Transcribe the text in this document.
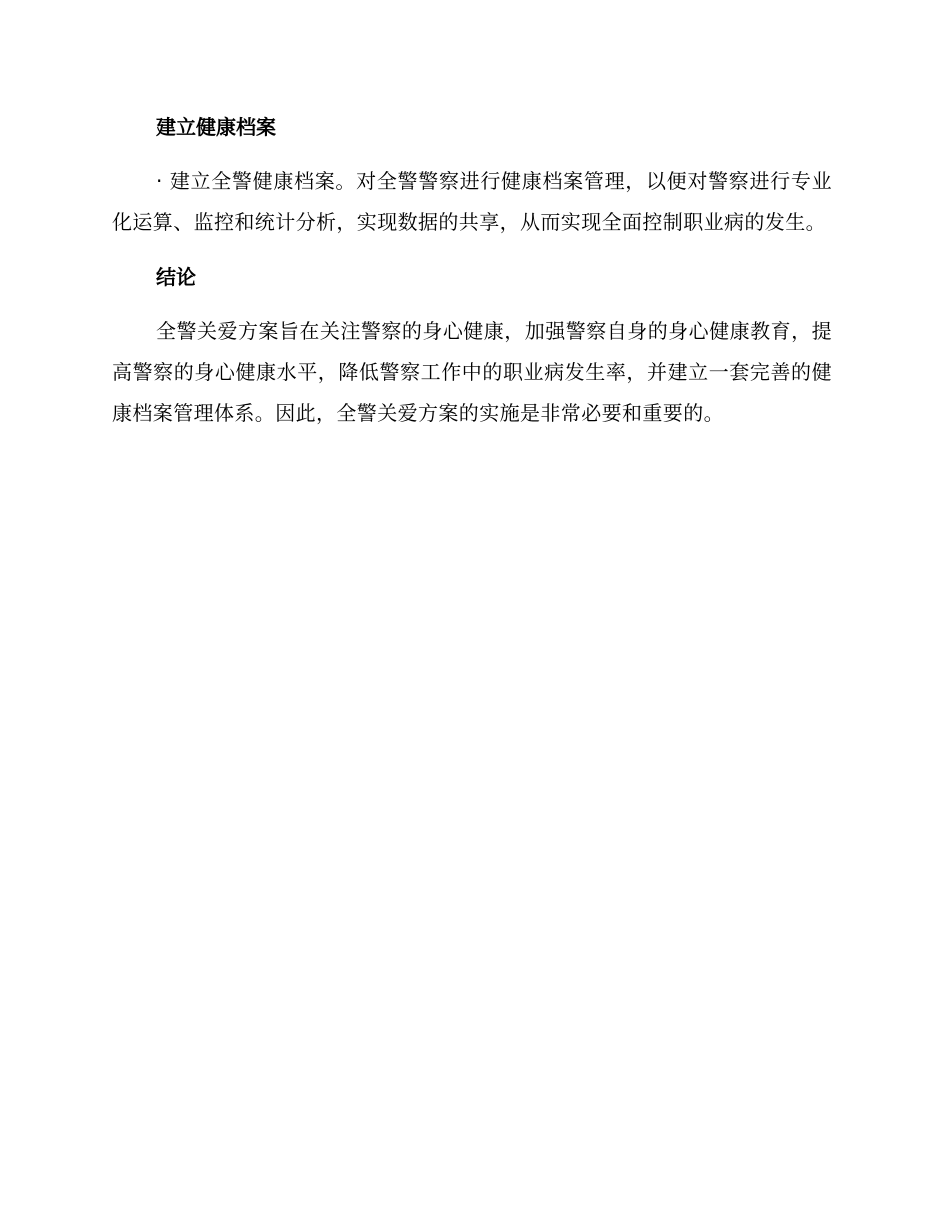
建立健康档案

· 建立全警健康档案。对全警警察进行健康档案管理，以便对警察进行专业化运算、监控和统计分析，实现数据的共享，从而实现全面控制职业病的发生。

结论

全警关爱方案旨在关注警察的身心健康，加强警察自身的身心健康教育，提高警察的身心健康水平，降低警察工作中的职业病发生率，并建立一套完善的健康档案管理体系。因此，全警关爱方案的实施是非常必要和重要的。
